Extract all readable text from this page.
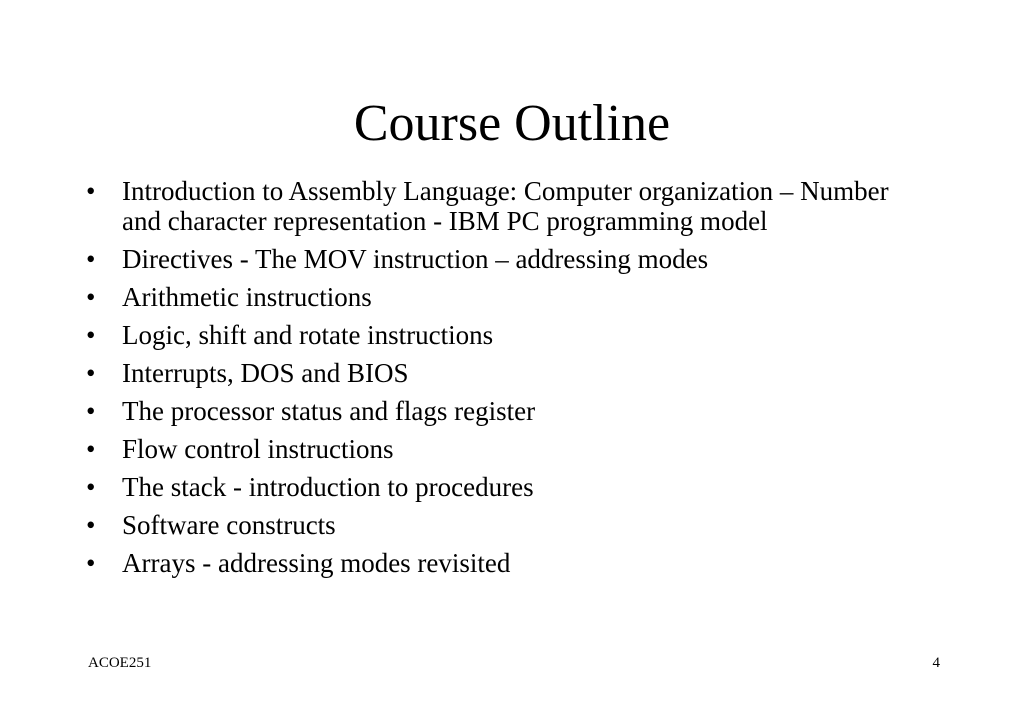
Course Outline
• Introduction to Assembly Language: Computer organization – Number and character representation - IBM PC programming model
• Directives - The MOV instruction – addressing modes
• Arithmetic instructions
• Logic, shift and rotate instructions
• Interrupts, DOS and BIOS
• The processor status and flags register
• Flow control instructions
• The stack - introduction to procedures
• Software constructs
• Arrays - addressing modes revisited
ACOE251	4
